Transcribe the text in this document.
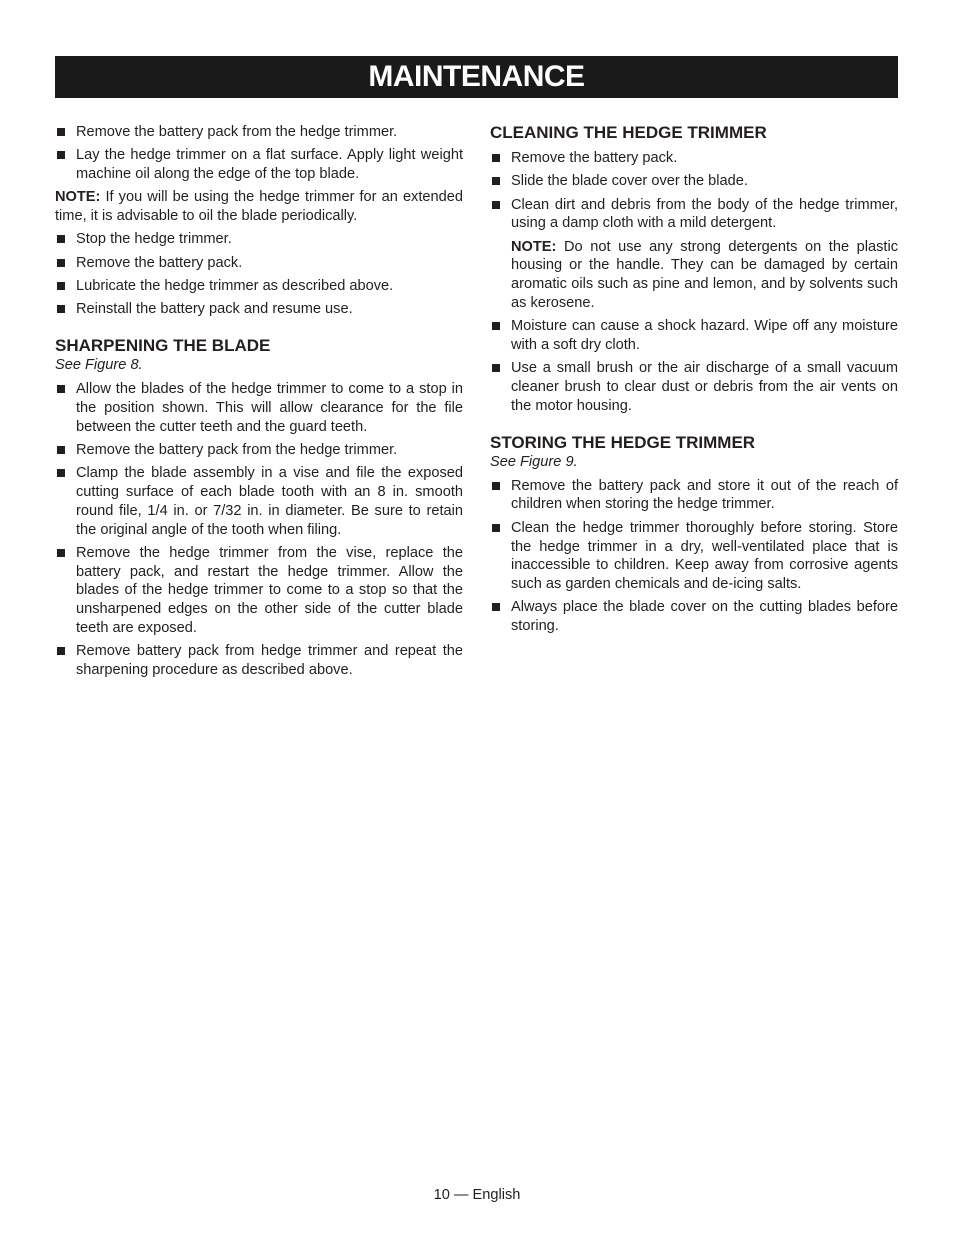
MAINTENANCE
Remove the battery pack from the hedge trimmer.
Lay the hedge trimmer on a flat surface. Apply light weight machine oil along the edge of the top blade.

NOTE: If you will be using the hedge trimmer for an extended time, it is advisable to oil the blade periodically.

Stop the hedge trimmer.
Remove the battery pack.
Lubricate the hedge trimmer as described above.
Reinstall the battery pack and resume use.
SHARPENING THE BLADE
See Figure 8.
Allow the blades of the hedge trimmer to come to a stop in the position shown. This will allow clearance for the file between the cutter teeth and the guard teeth.
Remove the battery pack from the hedge trimmer.
Clamp the blade assembly in a vise and file the exposed cutting surface of each blade tooth with an 8 in. smooth round file, 1/4 in. or 7/32 in. in diameter. Be sure to retain the original angle of the tooth when filing.
Remove the hedge trimmer from the vise, replace the battery pack, and restart the hedge trimmer. Allow the blades of the hedge trimmer to come to a stop so that the unsharpened edges on the other side of the cutter blade teeth are exposed.
Remove battery pack from hedge trimmer and repeat the sharpening procedure as described above.
CLEANING THE HEDGE TRIMMER
Remove the battery pack.
Slide the blade cover over the blade.
Clean dirt and debris from the body of the hedge trimmer, using a damp cloth with a mild detergent.

NOTE: Do not use any strong detergents on the plastic housing or the handle. They can be damaged by certain aromatic oils such as pine and lemon, and by solvents such as kerosene.

Moisture can cause a shock hazard. Wipe off any moisture with a soft dry cloth.
Use a small brush or the air discharge of a small vacuum cleaner brush to clear dust or debris from the air vents on the motor housing.
STORING THE HEDGE TRIMMER
See Figure 9.
Remove the battery pack and store it out of the reach of children when storing the hedge trimmer.
Clean the hedge trimmer thoroughly before storing. Store the hedge trimmer in a dry, well-ventilated place that is inaccessible to children. Keep away from corrosive agents such as garden chemicals and de-icing salts.
Always place the blade cover on the cutting blades before storing.
10 — English
